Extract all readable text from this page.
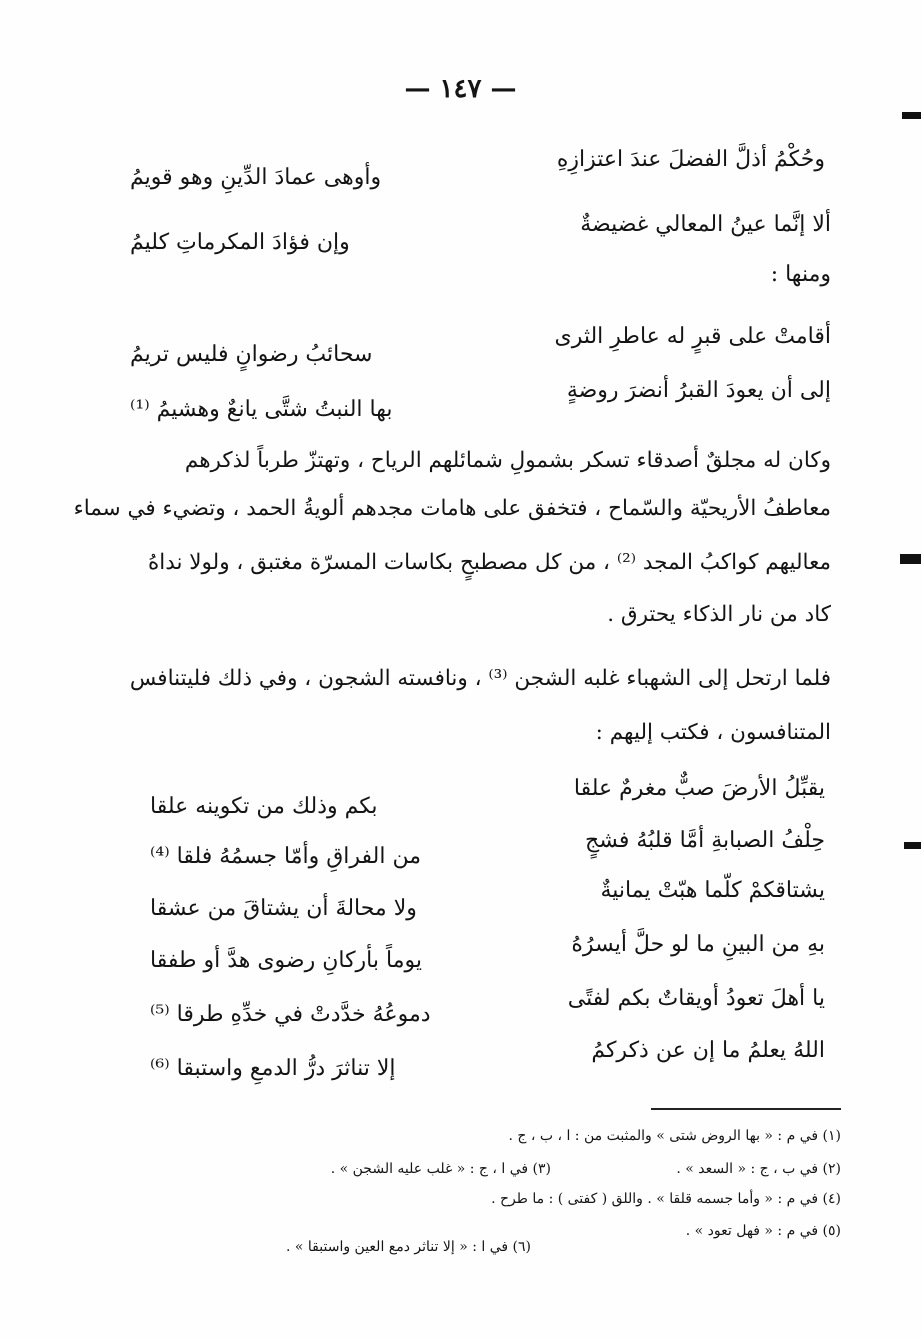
— ١٤٧ —
وحُكْمُ أذلَّ الفضلَ عندَ اعتزازِهِ
وأوهى عمادَ الدِّينِ وهو قويمُ
ألا إنَّما عينُ المعالي غضيضةٌ
وإن فؤادَ المكرماتِ كليمُ
ومنها :
أقامتْ على قبرٍ له عاطرِ الثرى
سحائبُ رضوانٍ فليس تريمُ
إلى أن يعودَ القبرُ أنضرَ روضةٍ
بها النبتُ شتَّى يانعٌ وهشيمُ ⁽¹⁾
وكان له مجلقٌ أصدقاء تسكر بشمولِ شمائلهم الرياح ، وتهتزّ طرباً لذكرهم
معاطفُ الأريحيّة والسّماح ، فتخفق على هامات مجدهم ألويةُ الحمد ، وتضيء في سماء
معاليهم كواكبُ المجد ⁽²⁾ ، من كل مصطبحٍ بكاسات المسرّة مغتبق ، ولولا نداهُ
كاد من نار الذكاء يحترق .
فلما ارتحل إلى الشهباء غلبه الشجن ⁽³⁾ ، ونافسته الشجون ، وفي ذلك فليتنافس
المتنافسون ، فكتب إليهم :
يقبِّلُ الأرضَ صبٌّ مغرمٌ علقا
بكم وذلك من تكوينه علقا
حِلْفُ الصبابةِ أمَّا قلبُهُ فشجٍ
من الفراقِ وأمّا جسمُهُ فلقا ⁽⁴⁾
يشتاقكمْ كلّما هبّتْ يمانيةٌ
ولا محالةَ أن يشتاقَ من عشقا
بهِ من البينِ ما لو حلَّ أيسرُهُ
يوماً بأركانِ رضوى هدَّ أو طفقا
يا أهلَ تعودُ أويقاتٌ بكم لفتًى
دموعُهُ خدَّدتْ في خدِّهِ طرقا ⁽⁵⁾
اللهُ يعلمُ ما إن عن ذكركمُ
إلا تناثرَ درُّ الدمعِ واستبقا ⁽⁶⁾
(١) في م : « بها الروض شتى » والمثبت من : ا ، ب ، ج .
(٢) في ب ، ج : « السعد » .
(٣) في ا ، ج : « غلب عليه الشجن » .
(٤) في م : « وأما جسمه قلقا » . واللق ( كفتى ) : ما طرح .
(٥) في م : « فهل تعود » .
(٦) في ا : « إلا تناثر دمع العين واستبقا » .
